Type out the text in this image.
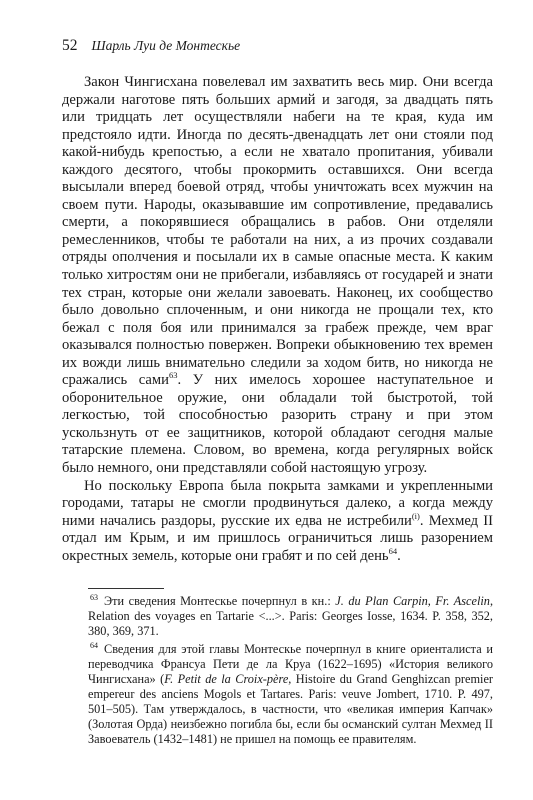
52 Шарль Луи де Монтескье

Закон Чингисхана повелевал им захватить весь мир. Они всегда держали наготове пять больших армий и загодя, за двадцать пять или тридцать лет осуществляли набеги на те края, куда им предстояло идти. Иногда по десять-двенадцать лет они стояли под какой-нибудь крепостью, а если не хватало пропитания, убивали каждого десятого, чтобы прокормить оставшихся. Они всегда высылали вперед боевой отряд, чтобы уничтожать всех мужчин на своем пути. Народы, оказывавшие им сопротивление, предавались смерти, а покорявшиеся обращались в рабов. Они отделяли ремесленников, чтобы те работали на них, а из прочих создавали отряды ополчения и посылали их в самые опасные места. К каким только хитростям они не прибегали, избавляясь от государей и знати тех стран, которые они желали завоевать. Наконец, их сообщество было довольно сплоченным, и они никогда не прощали тех, кто бежал с поля боя или принимался за грабеж прежде, чем враг оказывался полностью повержен. Вопреки обыкновению тех времен их вожди лишь внимательно следили за ходом битв, но никогда не сражались сами$^{63}$. У них имелось хорошее наступательное и оборонительное оружие, они обладали той быстротой, той легкостью, той способностью разорить страну и при этом ускользнуть от ее защитников, которой обладают сегодня малые татарские племена. Словом, во времена, когда регулярных войск было немного, они представляли собой настоящую угрозу.

Но поскольку Европа была покрыта замками и укрепленными городами, татары не смогли продвинуться далеко, а когда между ними начались раздоры, русские их едва не истребили$^{(i)}$. Мехмед II отдал им Крым, и им пришлось ограничиться лишь разорением окрестных земель, которые они грабят и по сей день$^{64}$.

$^{63}$ Эти сведения Монтескье почерпнул в кн.: J. du Plan Carpin, Fr. Ascelin, Relation des voyages en Tartarie <...>. Paris: Georges Iosse, 1634. P. 358, 352, 380, 369, 371.

$^{64}$ Сведения для этой главы Монтескье почерпнул в книге ориенталиста и переводчика Франсуа Пети де ла Круа (1622–1695) «История великого Чингисхана» (F. Petit de la Croix-père, Histoire du Grand Genghizcan premier empereur des anciens Mogols et Tartares. Paris: veuve Jombert, 1710. P. 497, 501–505). Там утверждалось, в частности, что «великая империя Капчак» (Золотая Орда) неизбежно погибла бы, если бы османский султан Мехмед II Завоеватель (1432–1481) не пришел на помощь ее правителям.
